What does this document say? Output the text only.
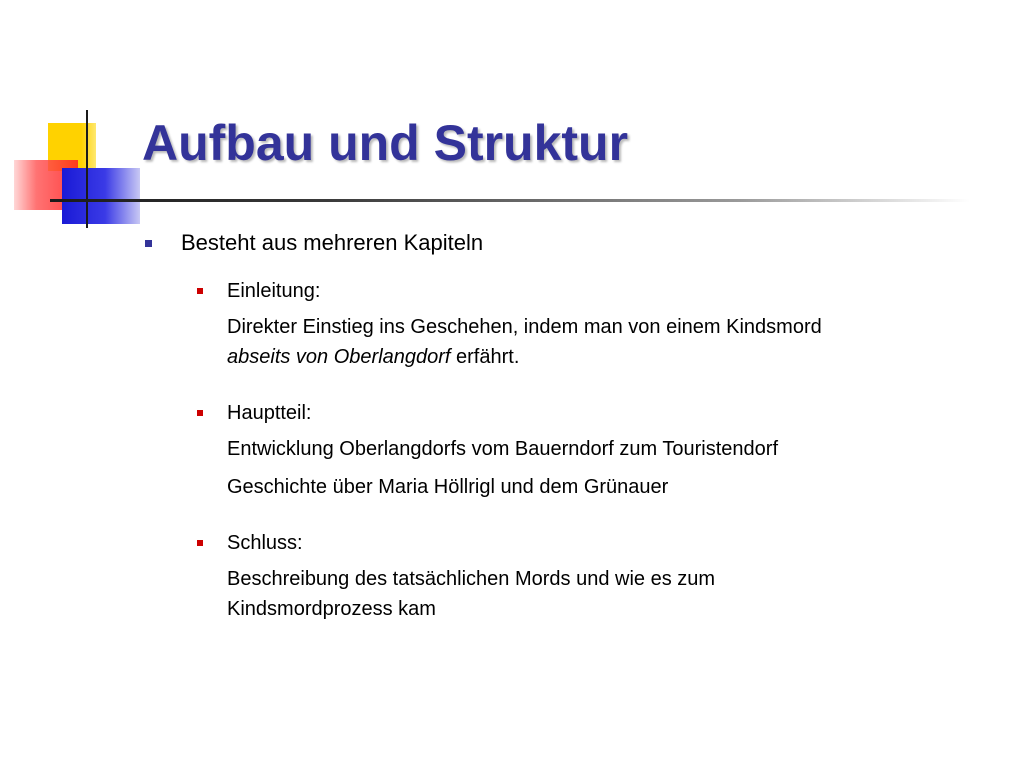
Aufbau und Struktur
Besteht aus mehreren Kapiteln
Einleitung:
Direkter Einstieg ins Geschehen, indem man von einem Kindsmord
abseits von Oberlangdorf erfährt.
Hauptteil:
Entwicklung Oberlangdorfs vom Bauerndorf zum Touristendorf
Geschichte über Maria Höllrigl und dem Grünauer
Schluss:
Beschreibung des tatsächlichen Mords und wie es zum Kindsmordprozess kam
